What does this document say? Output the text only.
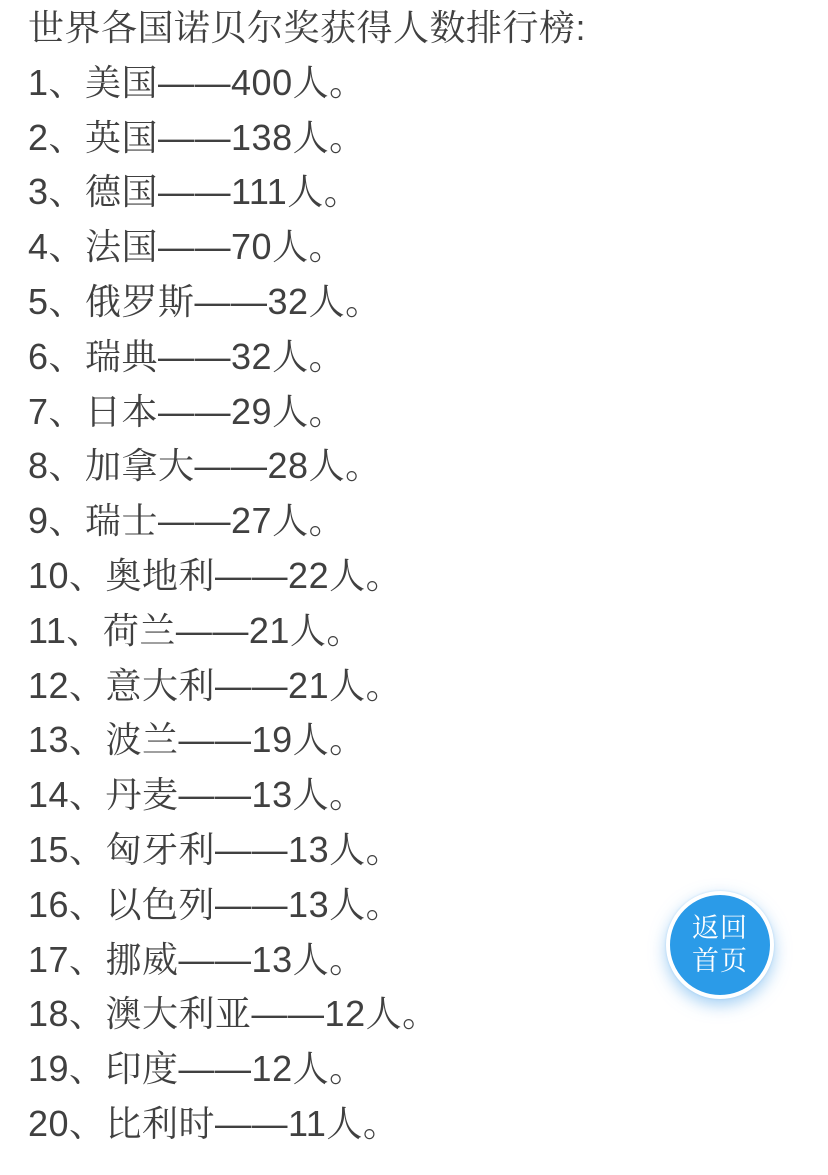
世界各国诺贝尔奖获得人数排行榜:
1、美国——400人。
2、英国——138人。
3、德国——111人。
4、法国——70人。
5、俄罗斯——32人。
6、瑞典——32人。
7、日本——29人。
8、加拿大——28人。
9、瑞士——27人。
10、奥地利——22人。
11、荷兰——21人。
12、意大利——21人。
13、波兰——19人。
14、丹麦——13人。
15、匈牙利——13人。
16、以色列——13人。
17、挪威——13人。
18、澳大利亚——12人。
19、印度——12人。
20、比利时——11人。
返回
首页
